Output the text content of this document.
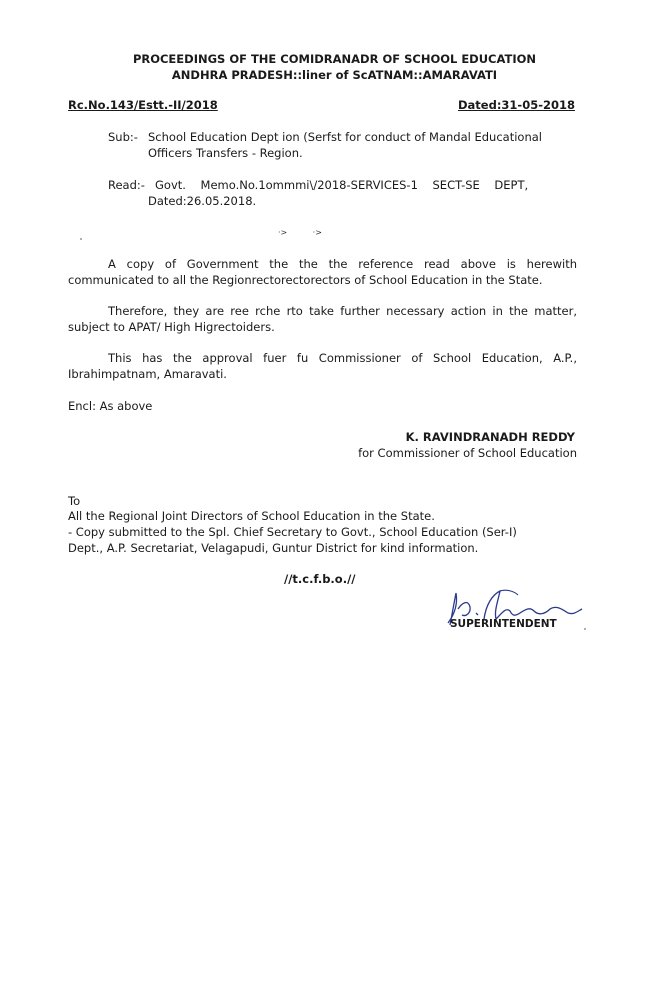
PROCEEDINGS OF THE COMIDRANADR OF SCHOOL EDUCATION
ANDHRA PRADESH::liner of ScATNAM::AMARAVATI
Rc.No.143/Estt.-II/2018	Dated:31-05-2018
Sub:- School Education Dept ion (Serfst for conduct of Mandal Educational
Officers Transfers - Region.
Read:- Govt.    Memo.No.1ommmi\/2018-SERVICES-1    SECT-SE    DEPT,
Dated:26.05.2018.
·>          ·>
A copy of Government the the the reference read above is herewith communicated to all the Regionrectorectorectors of School Education in the State.
Therefore, they are ree rche rto take further necessary action in the matter, subject to APAT/ High Higrectoiders.
This has the approval fuer fu Commissioner of School Education, A.P., Ibrahimpatnam, Amaravati.
Encl: As above
K. RAVINDRANADH REDDY
for Commissioner of School Education
To
All the Regional Joint Directors of School Education in the State.
- Copy submitted to the Spl. Chief Secretary to Govt., School Education (Ser-I)
Dept., A.P. Secretariat, Velagapudi, Guntur District for kind information.
//t.c.f.b.o.//
SUPERINTENDENT
